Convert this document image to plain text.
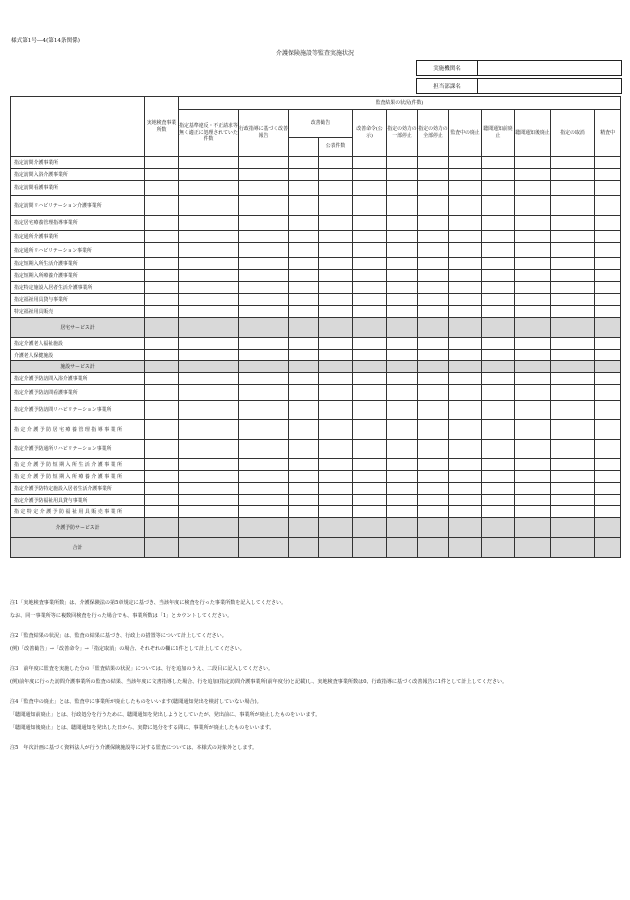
様式第1号―4(第14条関係)
介護保険施設等監査実施状況
実施機関名	
担当部課名	
	実地検査事業所数	監査結果の状況(件数)											
		指定基準違反・不正請求等無く適正に処理されていた件数	行政指導に基づく改善報告	改善勧告		改善命令(公示)	指定の効力の一部停止	指定の効力の全部停止	監査中の廃止	聴聞通知前廃止	聴聞通知後廃止	指定の取消	精査中
					公表件数								
指定訪問介護事業所													
指定訪問入浴介護事業所													
指定訪問看護事業所													
指定訪問リハビリテーション介護事業所													
指定居宅療養管理指導事業所													
指定通所介護事業所													
指定通所リハビリテーション事業所													
指定短期入所生活介護事業所													
指定短期入所療養介護事業所													
指定特定施設入居者生活介護事業所													
指定福祉用具貸与事業所													
特定福祉用具販売													
居宅サービス計													
指定介護老人福祉施設													
介護老人保健施設													
施設サービス計													
指定介護予防訪問入浴介護事業所													
指定介護予防訪問看護事業所													
指定介護予防訪問リハビリテーション事業所													
指 定 介 護 予 防 居 宅 療 養 管 理 指 導 事 業 所													
指定介護予防通所リハビリテーション事業所													
指 定 介 護 予 防 短 期 入 所 生 活 介 護 事 業 所													
指 定 介 護 予 防 短 期 入 所 療 養 介 護 事 業 所													
指定介護予防特定施設入居者生活介護事業所													
指定介護予防福祉用具貸与事業所													
指 定 特 定 介 護 予 防 福 祉 用 具 販 売 事 業 所													
介護予防サービス計													
合計													

注1「実地検査事業所数」は、介護保険法の第5章規定に基づき、当該年度に検査を行った事業所数を記入してください。

なお、同一事業所等に複数回検査を行った場合でも、事業所数は「1」とカウントしてください。

注2「監査結果の状況」は、監査の結果に基づき、行政上の措置等について計上してください。

(例)「改善勧告」→「改善命令」→「指定取消」の場合、それぞれの欄に1件として計上してください。

注3　前年度に監査を実施した分の「監査結果の状況」については、行を追加のうえ、二段目に記入してください。

(例)前年度に行った訪問介護事業所の監査の結果、当該年度に文書指導した場合、行を追加(指定訪問介護事業所(前年度分)と記載)し、実地検査事業所数は0、行政指導に基づく改善報告に1件として計上してください。

注4「監査中の廃止」とは、監査中に事業所が廃止したものをいいます(聴聞通知発出を検討していない場合)。

「聴聞通知前廃止」とは、行政処分を行うために、聴聞通知を発出しようとしていたが、発出前に、事業所が廃止したものをいいます。

「聴聞通知後廃止」とは、聴聞通知を発出した日から、実際に処分をする間に、事業所が廃止したものをいいます。

注5　年次計画に基づく資料法人が行う介護保険施設等に対する監査については、本様式の対象外とします。
